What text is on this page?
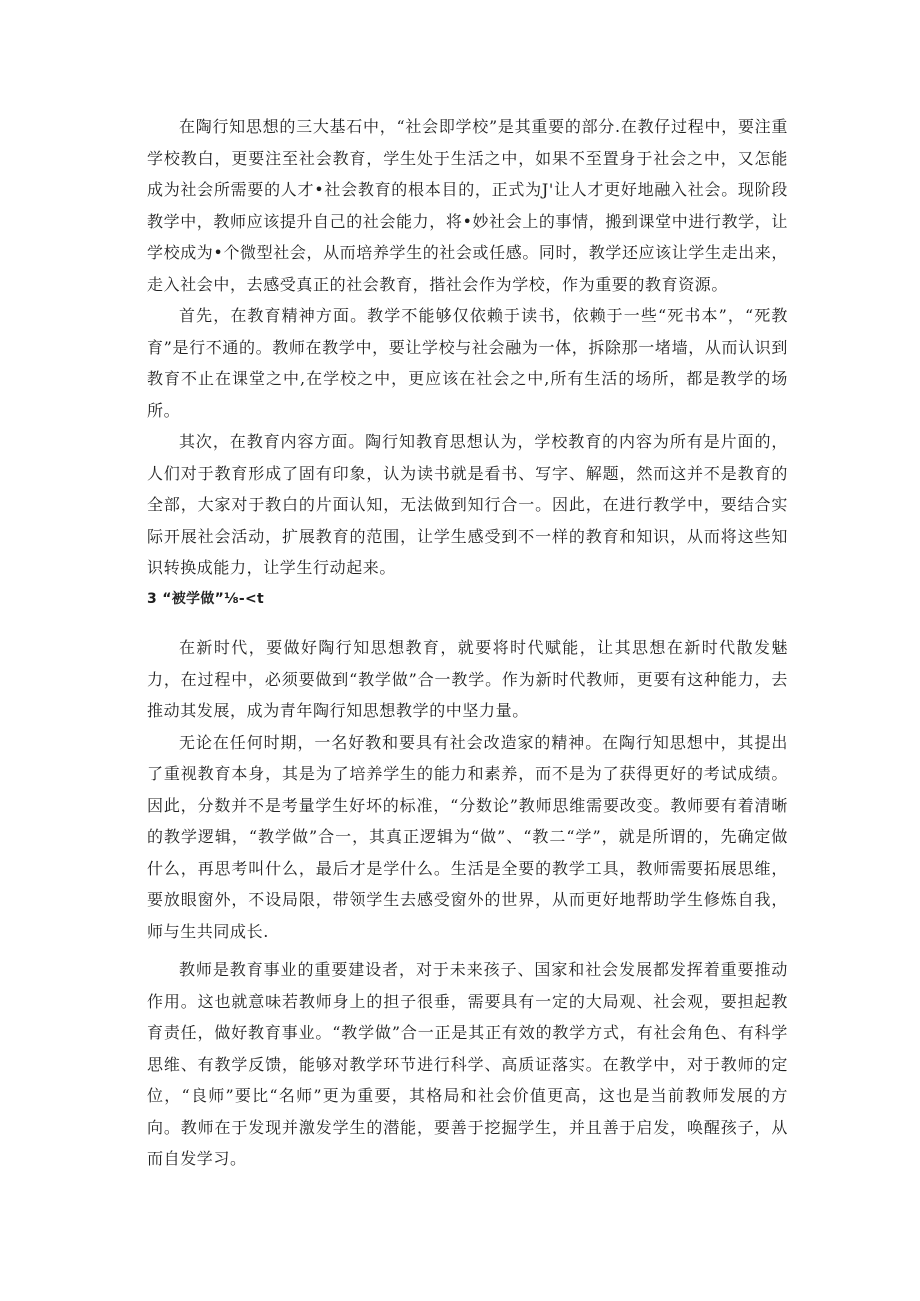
在陶行知思想的三大基石中，“社会即学校”是其重要的部分.在教仔过程中，要注重学校教白，更要注至社会教育，学生处于生活之中，如果不至置身于社会之中，又怎能成为社会所需要的人才•社会教育的根本目的，正式为J'让人才更好地融入社会。现阶段教学中，教师应该提升自己的社会能力，将•妙社会上的事情，搬到课堂中进行教学，让学校成为•个微型社会，从而培养学生的社会或任感。同时，教学还应该让学生走出来，走入社会中，去感受真正的社会教育，揩社会作为学校，作为重要的教育资源。

首先，在教育精神方面。教学不能够仅依赖于读书，依赖于一些“死书本”，“死教育”是行不通的。教师在教学中，要让学校与社会融为一体，拆除那一堵墙，从而认识到教育不止在课堂之中,在学校之中，更应该在社会之中,所有生活的场所，都是教学的场所。

其次，在教育内容方面。陶行知教育思想认为，学校教育的内容为所有是片面的，人们对于教育形成了固有印象，认为读书就是看书、写字、解题，然而这并不是教育的全部，大家对于教白的片面认知，无法做到知行合一。因此，在进行教学中，要结合实际开展社会活动，扩展教育的范围，让学生感受到不一样的教育和知识，从而将这些知识转换成能力，让学生行动起来。

3 “被学做”⅛-<t

在新时代，要做好陶行知思想教育，就要将时代赋能，让其思想在新时代散发魅力，在过程中，必须要做到“教学做”合一教学。作为新时代教师，更要有这种能力，去推动其发展，成为青年陶行知思想教学的中坚力量。

无论在任何时期，一名好教和要具有社会改造家的精神。在陶行知思想中，其提出了重视教育本身，其是为了培养学生的能力和素养，而不是为了获得更好的考试成绩。因此，分数并不是考量学生好坏的标准，“分数论”教师思维需要改变。教师要有着清晰的教学逻辑，“教学做”合一，其真正逻辑为“做”、“教二“学”，就是所谓的，先确定做什么，再思考叫什么，最后才是学什么。生活是全要的教学工具，教师需要拓展思维，要放眼窗外，不设局限，带领学生去感受窗外的世界，从而更好地帮助学生修炼自我，师与生共同成长.

教师是教育事业的重要建设者，对于未来孩子、国家和社会发展都发挥着重要推动作用。这也就意味若教师身上的担子很垂，需要具有一定的大局观、社会观，要担起教育责任，做好教育事业。“教学做”合一正是其正有效的教学方式，有社会角色、有科学思维、有教学反馈，能够对教学环节进行科学、高质证落实。在教学中，对于教师的定位，“良师”要比“名师”更为重要，其格局和社会价值更高，这也是当前教师发展的方向。教师在于发现并激发学生的潜能，要善于挖掘学生，并且善于启发，唤醒孩子，从而自发学习。
